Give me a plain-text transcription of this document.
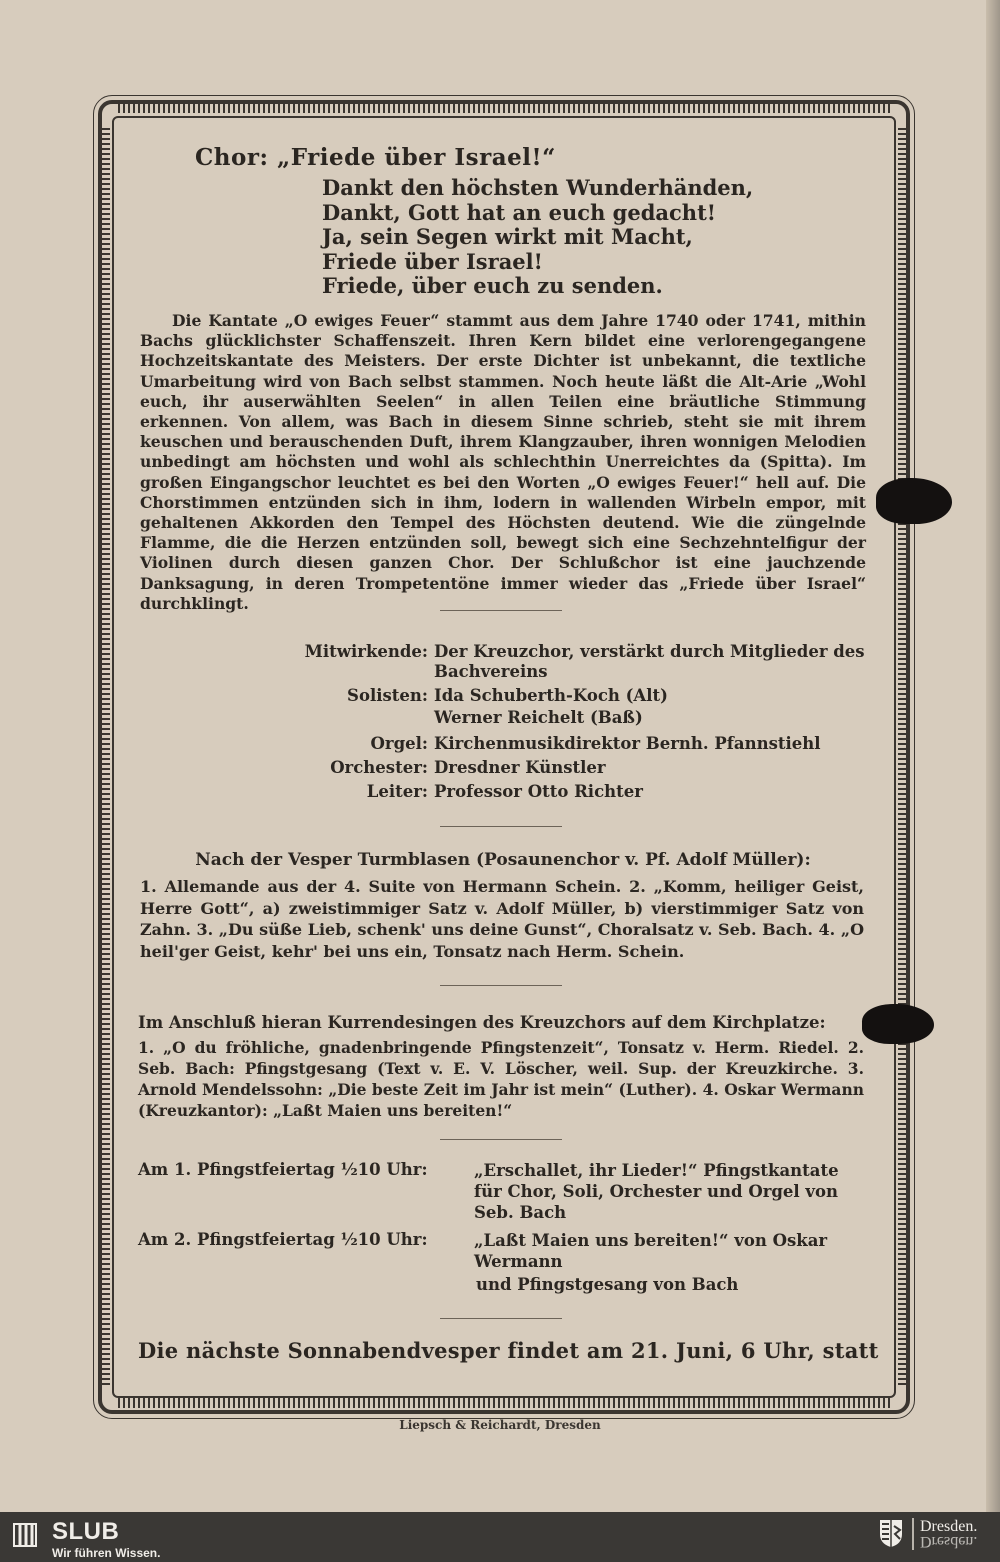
Chor: „Friede über Israel!“
Dankt den höchsten Wunderhänden,
Dankt, Gott hat an euch gedacht!
Ja, sein Segen wirkt mit Macht,
Friede über Israel!
Friede, über euch zu senden.
Die Kantate „O ewiges Feuer“ stammt aus dem Jahre 1740 oder 1741, mithin Bachs glücklichster Schaffenszeit. Ihren Kern bildet eine verlorengegangene Hochzeitskantate des Meisters. Der erste Dichter ist unbekannt, die textliche Umarbeitung wird von Bach selbst stammen. Noch heute läßt die Alt-Arie „Wohl euch, ihr auserwählten Seelen“ in allen Teilen eine bräutliche Stimmung erkennen. Von allem, was Bach in diesem Sinne schrieb, steht sie mit ihrem keuschen und berauschenden Duft, ihrem Klangzauber, ihren wonnigen Melodien unbedingt am höchsten und wohl als schlechthin Unerreichtes da (Spitta). Im großen Eingangschor leuchtet es bei den Worten „O ewiges Feuer!“ hell auf. Die Chorstimmen entzünden sich in ihm, lodern in wallenden Wirbeln empor, mit gehaltenen Akkorden den Tempel des Höchsten deutend. Wie die züngelnde Flamme, die die Herzen entzünden soll, bewegt sich eine Sechzehntelfigur der Violinen durch diesen ganzen Chor. Der Schlußchor ist eine jauchzende Danksagung, in deren Trompetentöne immer wieder das „Friede über Israel“ durchklingt.
Mitwirkende: Der Kreuzchor, verstärkt durch Mitglieder des Bachvereins
Solisten: Ida Schuberth-Koch (Alt)
Werner Reichelt (Baß)
Orgel: Kirchenmusikdirektor Bernh. Pfannstiehl
Orchester: Dresdner Künstler
Leiter: Professor Otto Richter
Nach der Vesper Turmblasen (Posaunenchor v. Pf. Adolf Müller):
1. Allemande aus der 4. Suite von Hermann Schein. 2. „Komm, heiliger Geist, Herre Gott“, a) zweistimmiger Satz v. Adolf Müller, b) vierstimmiger Satz von Zahn. 3. „Du süße Lieb, schenk' uns deine Gunst“, Choralsatz v. Seb. Bach. 4. „O heil'ger Geist, kehr' bei uns ein, Tonsatz nach Herm. Schein.
Im Anschluß hieran Kurrendesingen des Kreuzchors auf dem Kirchplatze:
1. „O du fröhliche, gnadenbringende Pfingstenzeit“, Tonsatz v. Herm. Riedel. 2. Seb. Bach: Pfingstgesang (Text v. E. V. Löscher, weil. Sup. der Kreuzkirche. 3. Arnold Mendelssohn: „Die beste Zeit im Jahr ist mein“ (Luther). 4. Oskar Wermann (Kreuzkantor): „Laßt Maien uns bereiten!“
Am 1. Pfingstfeiertag ½10 Uhr:	„Erschallet, ihr Lieder!“ Pfingstkantate für Chor, Soli, Orchester und Orgel von Seb. Bach
Am 2. Pfingstfeiertag ½10 Uhr:	„Laßt Maien uns bereiten!“ von Oskar Wermann
und Pfingstgesang von Bach
Die nächste Sonnabendvesper findet am 21. Juni, 6 Uhr, statt
Liepsch & Reichardt, Dresden
SLUB
Wir führen Wissen.
Dresden.
Dresden.
